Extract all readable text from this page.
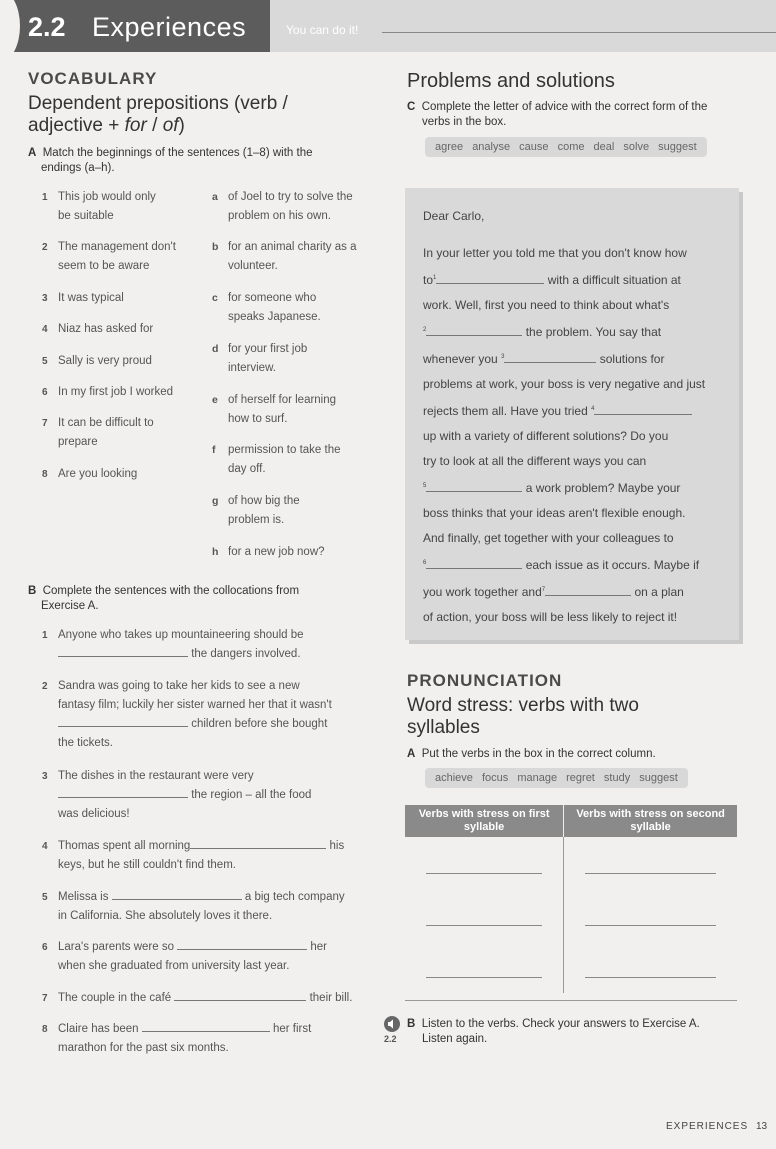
2.2 Experiences	You can do it!
VOCABULARY
Dependent prepositions (verb /
adjective + for / of)
A Match the beginnings of the sentences (1–8) with the
endings (a–h).
1 This job would only
be suitable
2 The management don't
seem to be aware
3 It was typical
4 Niaz has asked for
5 Sally is very proud
6 In my first job I worked
7 It can be difficult to
prepare
8 Are you looking
a of Joel to try to solve the
problem on his own.
b for an animal charity as a
volunteer.
c for someone who
speaks Japanese.
d for your first job
interview.
e of herself for learning
how to surf.
f permission to take the
day off.
g of how big the
problem is.
h for a new job now?
B Complete the sentences with the collocations from
Exercise A.
1 Anyone who takes up mountaineering should be
the dangers involved.
2 Sandra was going to take her kids to see a new
fantasy film; luckily her sister warned her that it wasn't
children before she bought
the tickets.
3 The dishes in the restaurant were very
the region – all the food
was delicious!
4 Thomas spent all morning	his
keys, but he still couldn't find them.
5 Melissa is	a big tech company
in California. She absolutely loves it there.
6 Lara's parents were so	her
when she graduated from university last year.
7 The couple in the café	their bill.
8 Claire has been	her first
marathon for the past six months.
Problems and solutions
C Complete the letter of advice with the correct form of the
verbs in the box.
agree analyse cause come deal solve suggest
Dear Carlo,
In your letter you told me that you don't know how
$to^1$	with a difficult situation at
work. Well, first you need to think about what's
$^2$	the problem. You say that
whenever you $^3$	solutions for
problems at work, your boss is very negative and just
rejects them all. Have you tried $^4$
up with a variety of different solutions? Do you
try to look at all the different ways you can
$^5$	a work problem? Maybe your
boss thinks that your ideas aren't flexible enough.
And finally, get together with your colleagues to
$^6$	each issue as it occurs. Maybe if
you work together and$^7$	on a plan
of action, your boss will be less likely to reject it!
PRONUNCIATION
Word stress: verbs with two
syllables
A Put the verbs in the box in the correct column.
achieve focus manage regret study suggest
Verbs with stress on first syllable	Verbs with stress on second syllable

2.2
B Listen to the verbs. Check your answers to Exercise A.
Listen again.
EXPERIENCES 13
